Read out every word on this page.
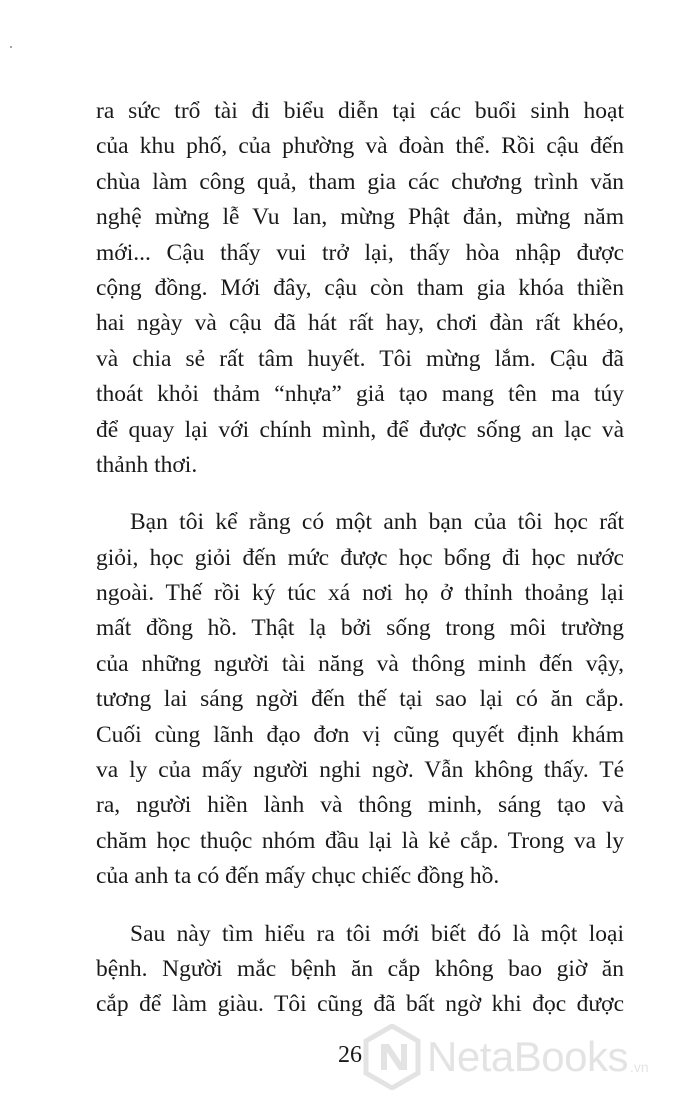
ra sức trổ tài đi biểu diễn tại các buổi sinh hoạt
của khu phố, của phường và đoàn thể. Rồi cậu đến
chùa làm công quả, tham gia các chương trình văn
nghệ mừng lễ Vu lan, mừng Phật đản, mừng năm
mới... Cậu thấy vui trở lại, thấy hòa nhập được
cộng đồng. Mới đây, cậu còn tham gia khóa thiền
hai ngày và cậu đã hát rất hay, chơi đàn rất khéo,
và chia sẻ rất tâm huyết. Tôi mừng lắm. Cậu đã
thoát khỏi thảm “nhựa” giả tạo mang tên ma túy
để quay lại với chính mình, để được sống an lạc và
thảnh thơi.

Bạn tôi kể rằng có một anh bạn của tôi học rất
giỏi, học giỏi đến mức được học bổng đi học nước
ngoài. Thế rồi ký túc xá nơi họ ở thỉnh thoảng lại
mất đồng hồ. Thật lạ bởi sống trong môi trường
của những người tài năng và thông minh đến vậy,
tương lai sáng ngời đến thế tại sao lại có ăn cắp.
Cuối cùng lãnh đạo đơn vị cũng quyết định khám
va ly của mấy người nghi ngờ. Vẫn không thấy. Té
ra, người hiền lành và thông minh, sáng tạo và
chăm học thuộc nhóm đầu lại là kẻ cắp. Trong va ly
của anh ta có đến mấy chục chiếc đồng hồ.

Sau này tìm hiểu ra tôi mới biết đó là một loại
bệnh. Người mắc bệnh ăn cắp không bao giờ ăn
cắp để làm giàu. Tôi cũng đã bất ngờ khi đọc được

26	NetaBooks .vn
